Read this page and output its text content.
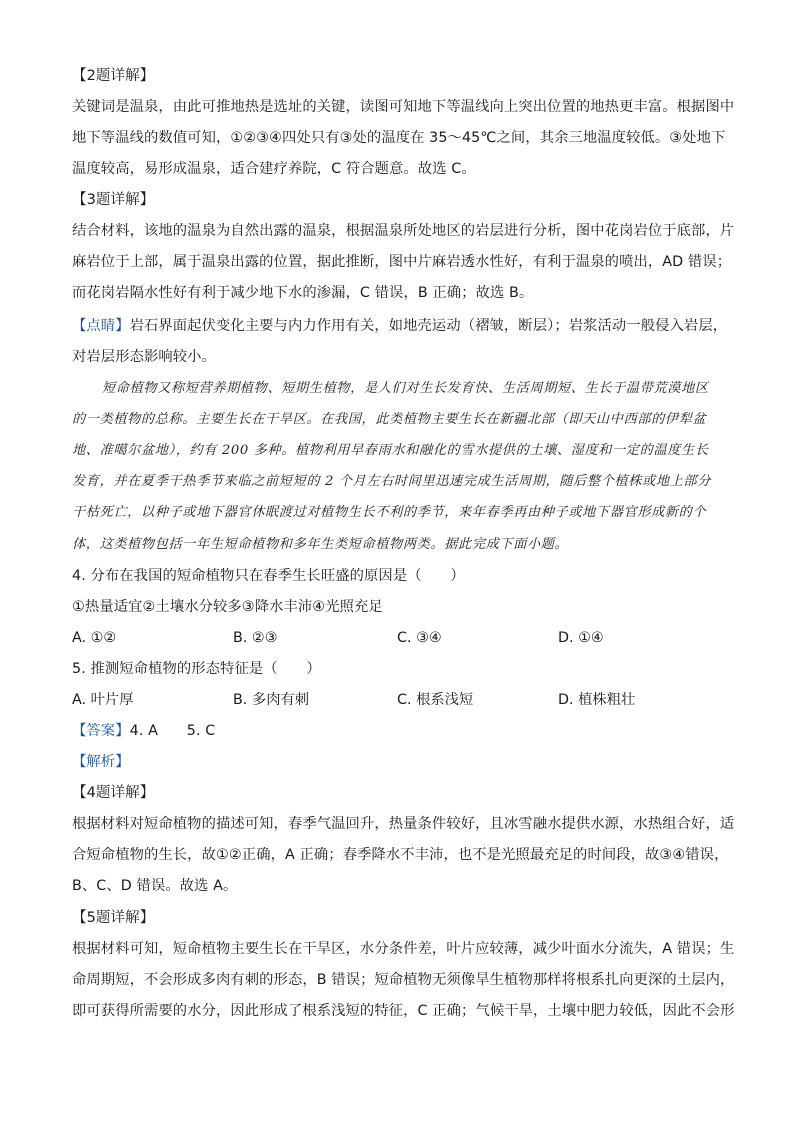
【2题详解】
关键词是温泉，由此可推地热是选址的关键，读图可知地下等温线向上突出位置的地热更丰富。根据图中
地下等温线的数值可知，①②③④四处只有③处的温度在 35～45℃之间，其余三地温度较低。③处地下
温度较高，易形成温泉，适合建疗养院，C 符合题意。故选 C。
【3题详解】
结合材料，该地的温泉为自然出露的温泉，根据温泉所处地区的岩层进行分析，图中花岗岩位于底部，片
麻岩位于上部，属于温泉出露的位置，据此推断，图中片麻岩透水性好，有利于温泉的喷出，AD 错误；
而花岗岩隔水性好有利于减少地下水的渗漏，C 错误，B 正确；故选 B。
【点睛】岩石界面起伏变化主要与内力作用有关，如地壳运动（褶皱，断层）；岩浆活动一般侵入岩层，
对岩层形态影响较小。
短命植物又称短营养期植物、短期生植物，是人们对生长发育快、生活周期短、生长于温带荒漠地区
的一类植物的总称。主要生长在干旱区。在我国，此类植物主要生长在新疆北部（即天山中西部的伊犁盆
地、准噶尔盆地），约有 200 多种。植物利用早春雨水和融化的雪水提供的土壤、湿度和一定的温度生长
发育，并在夏季干热季节来临之前短短的 2 个月左右时间里迅速完成生活周期，随后整个植株或地上部分
干枯死亡，以种子或地下器官休眠渡过对植物生长不利的季节，来年春季再由种子或地下器官形成新的个
体，这类植物包括一年生短命植物和多年生类短命植物两类。据此完成下面小题。
4. 分布在我国的短命植物只在春季生长旺盛的原因是（　　）
①热量适宜②土壤水分较多③降水丰沛④光照充足
A. ①②	B. ②③	C. ③④	D. ①④
5. 推测短命植物的形态特征是（　　）
A. 叶片厚	B. 多肉有刺	C. 根系浅短	D. 植株粗壮
【答案】4. A　　5. C
【解析】
【4题详解】
根据材料对短命植物的描述可知，春季气温回升，热量条件较好，且冰雪融水提供水源，水热组合好，适
合短命植物的生长，故①②正确，A 正确；春季降水不丰沛，也不是光照最充足的时间段，故③④错误，
B、C、D 错误。故选 A。
【5题详解】
根据材料可知，短命植物主要生长在干旱区，水分条件差，叶片应较薄，减少叶面水分流失，A 错误；生
命周期短，不会形成多肉有刺的形态，B 错误；短命植物无须像旱生植物那样将根系扎向更深的土层内，
即可获得所需要的水分，因此形成了根系浅短的特征，C 正确；气候干旱，土壤中肥力较低，因此不会形
